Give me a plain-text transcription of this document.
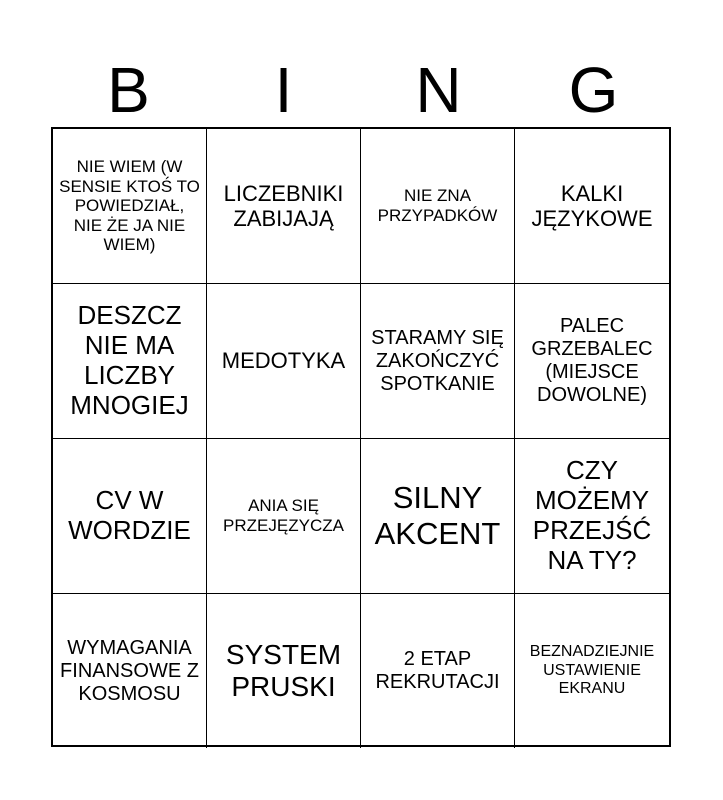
B	I	N	G
NIE WIEM (W SENSIE KTOŚ TO POWIEDZIAŁ, NIE ŻE JA NIE WIEM)
LICZEBNIKI ZABIJAJĄ
NIE ZNA PRZYPADKÓW
KALKI JĘZYKOWE
DESZCZ NIE MA LICZBY MNOGIEJ
MEDOTYKA
STARAMY SIĘ ZAKOŃCZYĆ SPOTKANIE
PALEC GRZEBALEC (MIEJSCE DOWOLNE)
CV W WORDZIE
ANIA SIĘ PRZEJĘZYCZA
SILNY AKCENT
CZY MOŻEMY PRZEJŚĆ NA TY?
WYMAGANIA FINANSOWE Z KOSMOSU
SYSTEM PRUSKI
2 ETAP REKRUTACJI
BEZNADZIEJNIE USTAWIENIE EKRANU
